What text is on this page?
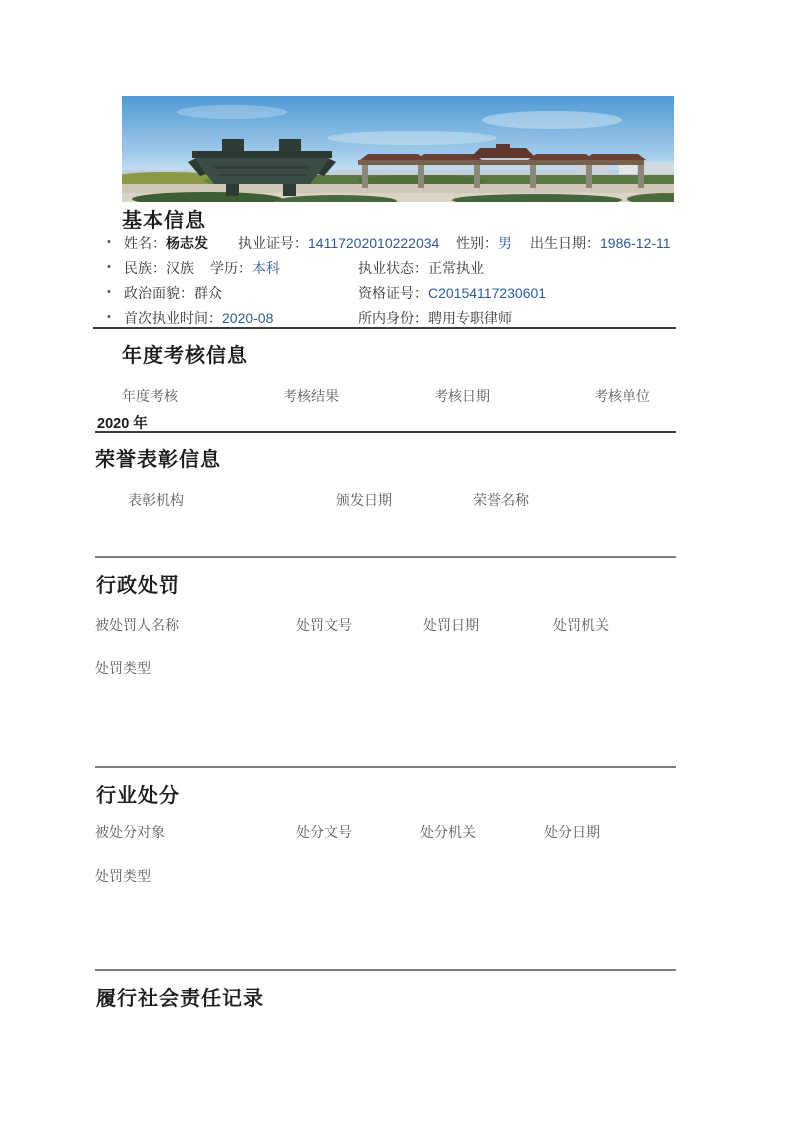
基本信息
• 姓名：杨志发 执业证号：14117202010222034 性别：男 出生日期：1986-12-11
• 民族：汉族 学历：本科	执业状态：正常执业
• 政治面貌：群众	资格证号：C20154117230601
• 首次执业时间：2020-08	所内身份：聘用专职律师
年度考核信息
年度考核	考核结果	考核日期	考核单位
2020 年
荣誉表彰信息
表彰机构	颁发日期	荣誉名称
行政处罚
被处罚人名称	处罚文号	处罚日期	处罚机关
处罚类型
行业处分
被处分对象	处分文号	处分机关	处分日期
处罚类型
履行社会责任记录
